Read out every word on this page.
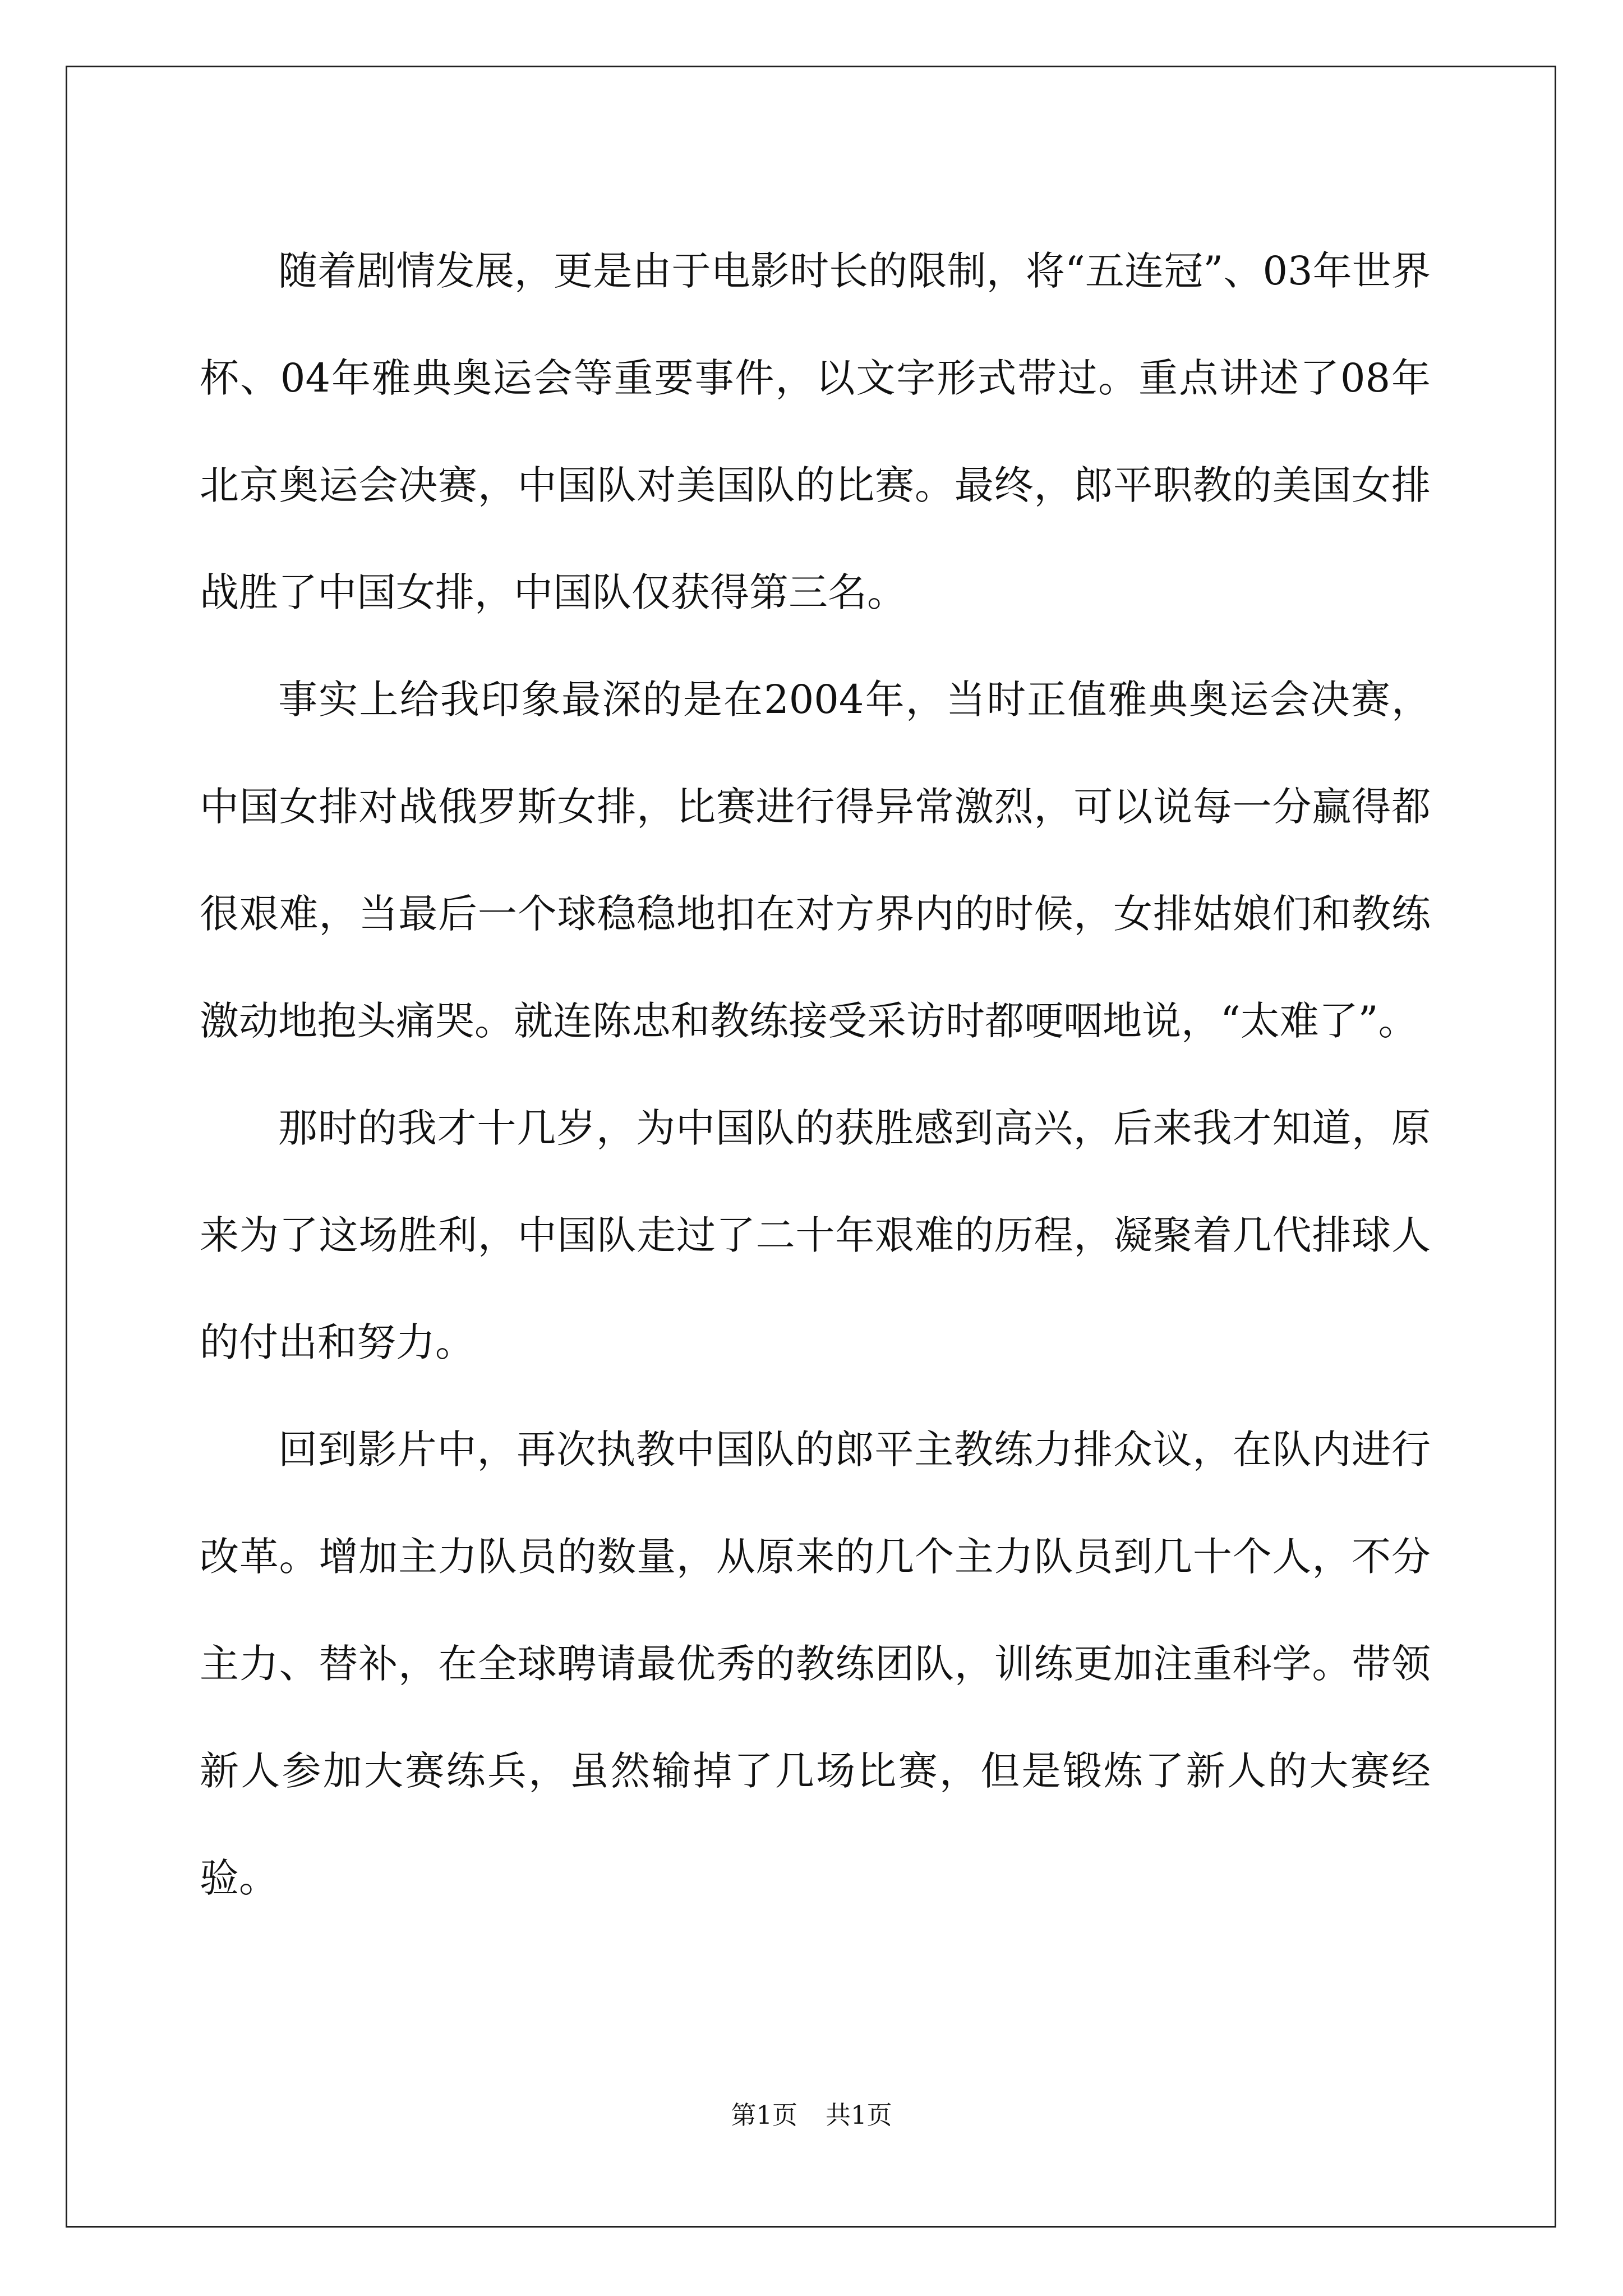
随着剧情发展，更是由于电影时长的限制，将“五连冠”、03年世界杯、04年雅典奥运会等重要事件，以文字形式带过。重点讲述了08年北京奥运会决赛，中国队对美国队的比赛。最终，郎平职教的美国女排战胜了中国女排，中国队仅获得第三名。

事实上给我印象最深的是在2004年，当时正值雅典奥运会决赛，中国女排对战俄罗斯女排，比赛进行得异常激烈，可以说每一分赢得都很艰难，当最后一个球稳稳地扣在对方界内的时候，女排姑娘们和教练激动地抱头痛哭。就连陈忠和教练接受采访时都哽咽地说，“太难了”。

那时的我才十几岁，为中国队的获胜感到高兴，后来我才知道，原来为了这场胜利，中国队走过了二十年艰难的历程，凝聚着几代排球人的付出和努力。

回到影片中，再次执教中国队的郎平主教练力排众议，在队内进行改革。增加主力队员的数量，从原来的几个主力队员到几十个人，不分主力、替补，在全球聘请最优秀的教练团队，训练更加注重科学。带领新人参加大赛练兵，虽然输掉了几场比赛，但是锻炼了新人的大赛经验。

第1页 共1页
